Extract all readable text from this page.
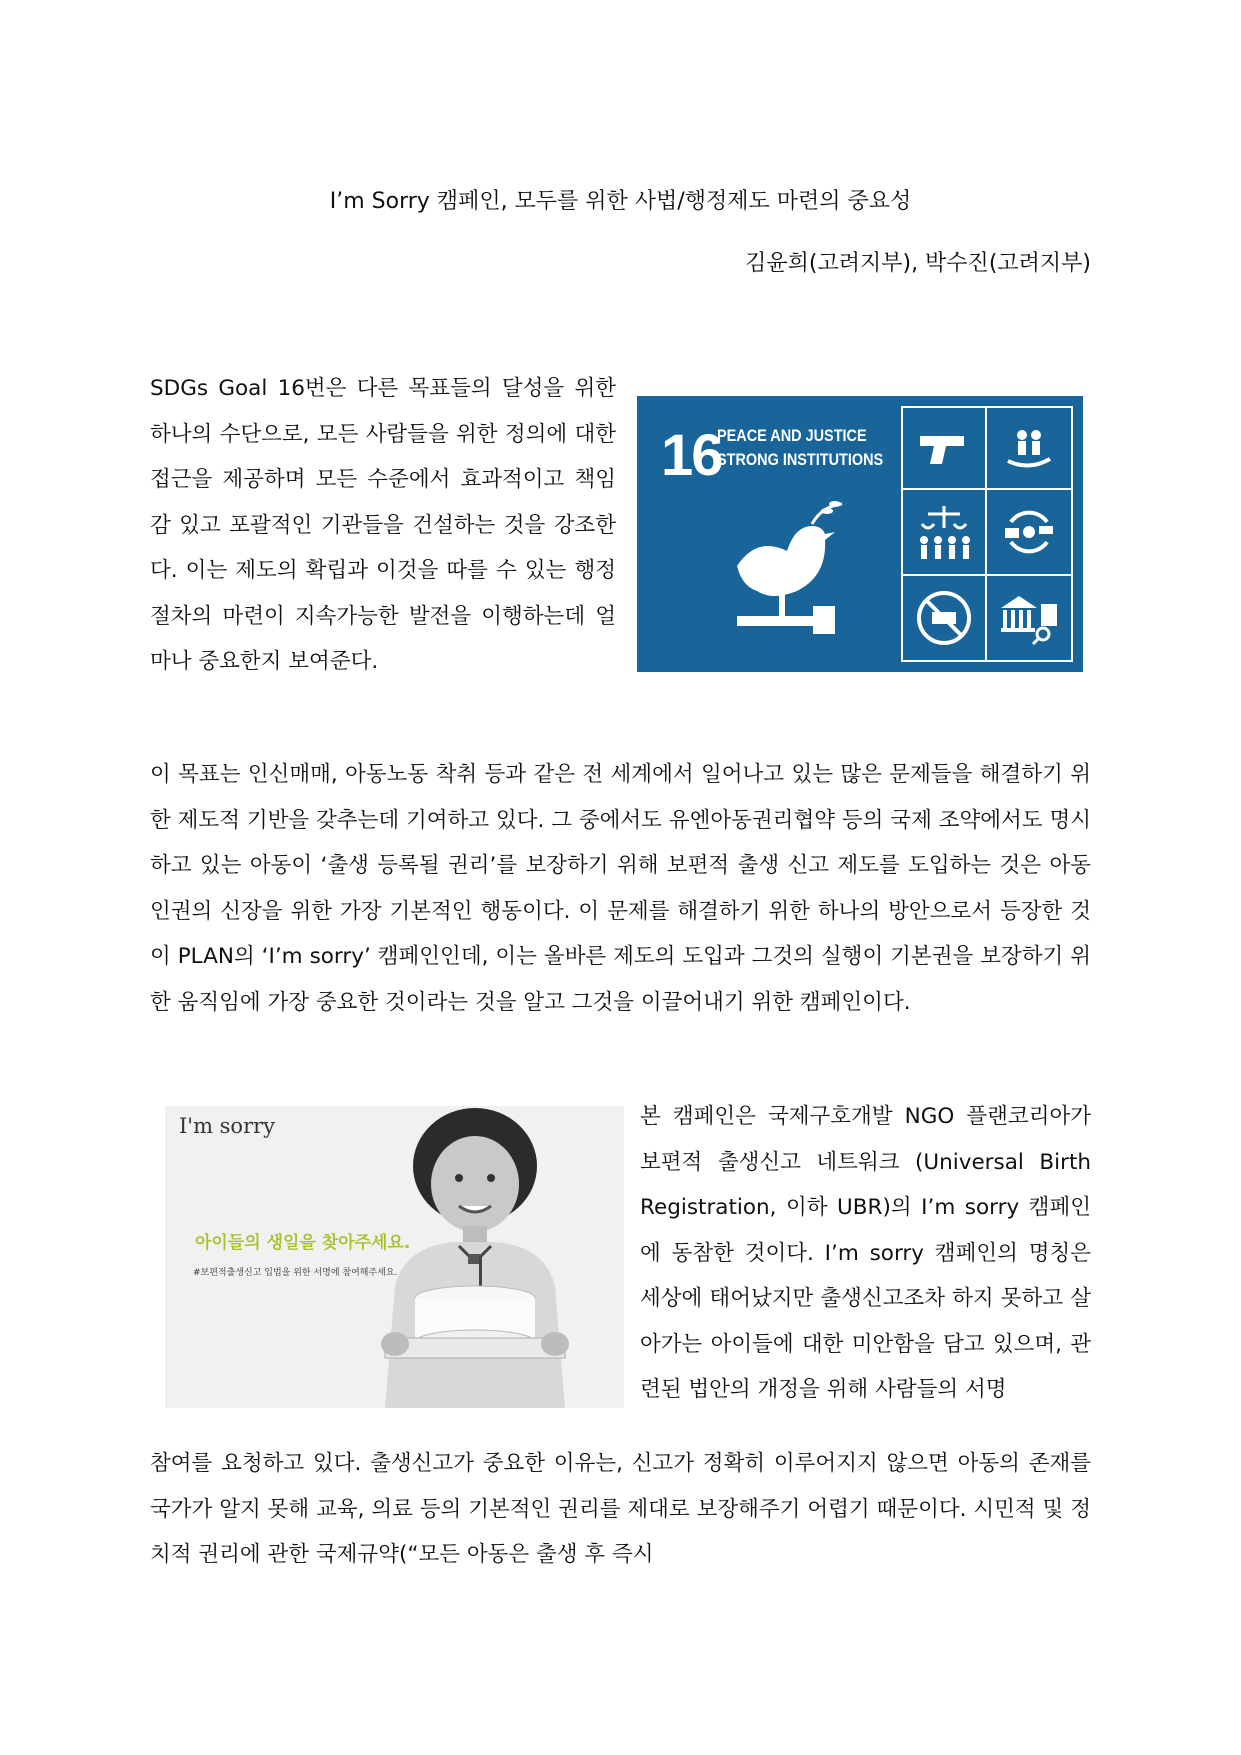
I’m Sorry 캠페인, 모두를 위한 사법/행정제도 마련의 중요성
김윤희(고려지부), 박수진(고려지부)

SDGs Goal 16번은 다른 목표들의 달성을 위한 하나의 수단으로, 모든 사람들을 위한 정의에 대한 접근을 제공하며 모든 수준에서 효과적이고 책임감 있고 포괄적인 기관들을 건설하는 것을 강조한다. 이는 제도의 확립과 이것을 따를 수 있는 행정절차의 마련이 지속가능한 발전을 이행하는데 얼마나 중요한지 보여준다.

16
PEACE AND JUSTICE
STRONG INSTITUTIONS

이 목표는 인신매매, 아동노동 착취 등과 같은 전 세계에서 일어나고 있는 많은 문제들을 해결하기 위한 제도적 기반을 갖추는데 기여하고 있다. 그 중에서도 유엔아동권리협약 등의 국제 조약에서도 명시하고 있는 아동이 ‘출생 등록될 권리’를 보장하기 위해 보편적 출생 신고 제도를 도입하는 것은 아동 인권의 신장을 위한 가장 기본적인 행동이다. 이 문제를 해결하기 위한 하나의 방안으로서 등장한 것이 PLAN의 ‘I’m sorry’ 캠페인인데, 이는 올바른 제도의 도입과 그것의 실행이 기본권을 보장하기 위한 움직임에 가장 중요한 것이라는 것을 알고 그것을 이끌어내기 위한 캠페인이다.

I'm sorry
아이들의 생일을 찾아주세요.
#보편적출생신고 입법을 위한 서명에 참여해주세요.

본 캠페인은 국제구호개발 NGO 플랜코리아가 보편적 출생신고 네트워크 (Universal Birth Registration, 이하 UBR)의 I’m sorry 캠페인에 동참한 것이다. I’m sorry 캠페인의 명칭은 세상에 태어났지만 출생신고조차 하지 못하고 살아가는 아이들에 대한 미안함을 담고 있으며, 관련된 법안의 개정을 위해 사람들의 서명

참여를 요청하고 있다. 출생신고가 중요한 이유는, 신고가 정확히 이루어지지 않으면 아동의 존재를 국가가 알지 못해 교육, 의료 등의 기본적인 권리를 제대로 보장해주기 어렵기 때문이다. 시민적 및 정치적 권리에 관한 국제규약(“모든 아동은 출생 후 즉시
